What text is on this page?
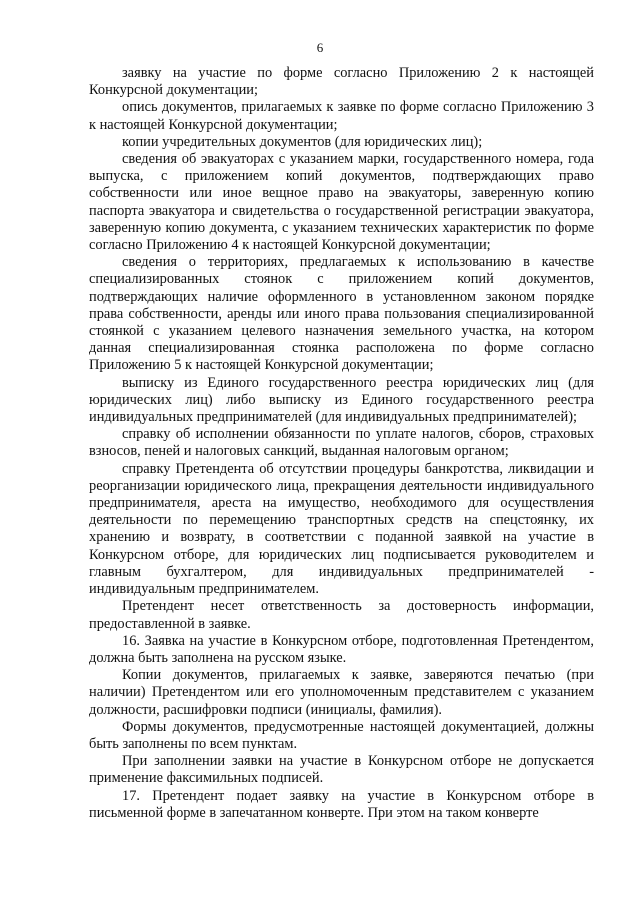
6

заявку на участие по форме согласно Приложению 2 к настоящей Конкурсной документации;

опись документов, прилагаемых к заявке по форме согласно Приложению 3 к настоящей Конкурсной документации;

копии учредительных документов (для юридических лиц);

сведения об эвакуаторах с указанием марки, государственного номера, года выпуска, с приложением копий документов, подтверждающих право собственности или иное вещное право на эвакуаторы, заверенную копию паспорта эвакуатора и свидетельства о государственной регистрации эвакуатора, заверенную копию документа, с указанием технических характеристик по форме согласно Приложению 4 к настоящей Конкурсной документации;

сведения о территориях, предлагаемых к использованию в качестве специализированных стоянок с приложением копий документов, подтверждающих наличие оформленного в установленном законом порядке права собственности, аренды или иного права пользования специализированной стоянкой с указанием целевого назначения земельного участка, на котором данная специализированная стоянка расположена по форме согласно Приложению 5 к настоящей Конкурсной документации;

выписку из Единого государственного реестра юридических лиц (для юридических лиц) либо выписку из Единого государственного реестра индивидуальных предпринимателей (для индивидуальных предпринимателей);

справку об исполнении обязанности по уплате налогов, сборов, страховых взносов, пеней и налоговых санкций, выданная налоговым органом;

справку Претендента об отсутствии процедуры банкротства, ликвидации и реорганизации юридического лица, прекращения деятельности индивидуального предпринимателя, ареста на имущество, необходимого для осуществления деятельности по перемещению транспортных средств на спецстоянку, их хранению и возврату, в соответствии с поданной заявкой на участие в Конкурсном отборе, для юридических лиц подписывается руководителем и главным бухгалтером, для индивидуальных предпринимателей - индивидуальным предпринимателем.

Претендент несет ответственность за достоверность информации, предоставленной в заявке.

16. Заявка на участие в Конкурсном отборе, подготовленная Претендентом, должна быть заполнена на русском языке.

Копии документов, прилагаемых к заявке, заверяются печатью (при наличии) Претендентом или его уполномоченным представителем с указанием должности, расшифровки подписи (инициалы, фамилия).

Формы документов, предусмотренные настоящей документацией, должны быть заполнены по всем пунктам.

При заполнении заявки на участие в Конкурсном отборе не допускается применение факсимильных подписей.

17. Претендент подает заявку на участие в Конкурсном отборе в письменной форме в запечатанном конверте. При этом на таком конверте
